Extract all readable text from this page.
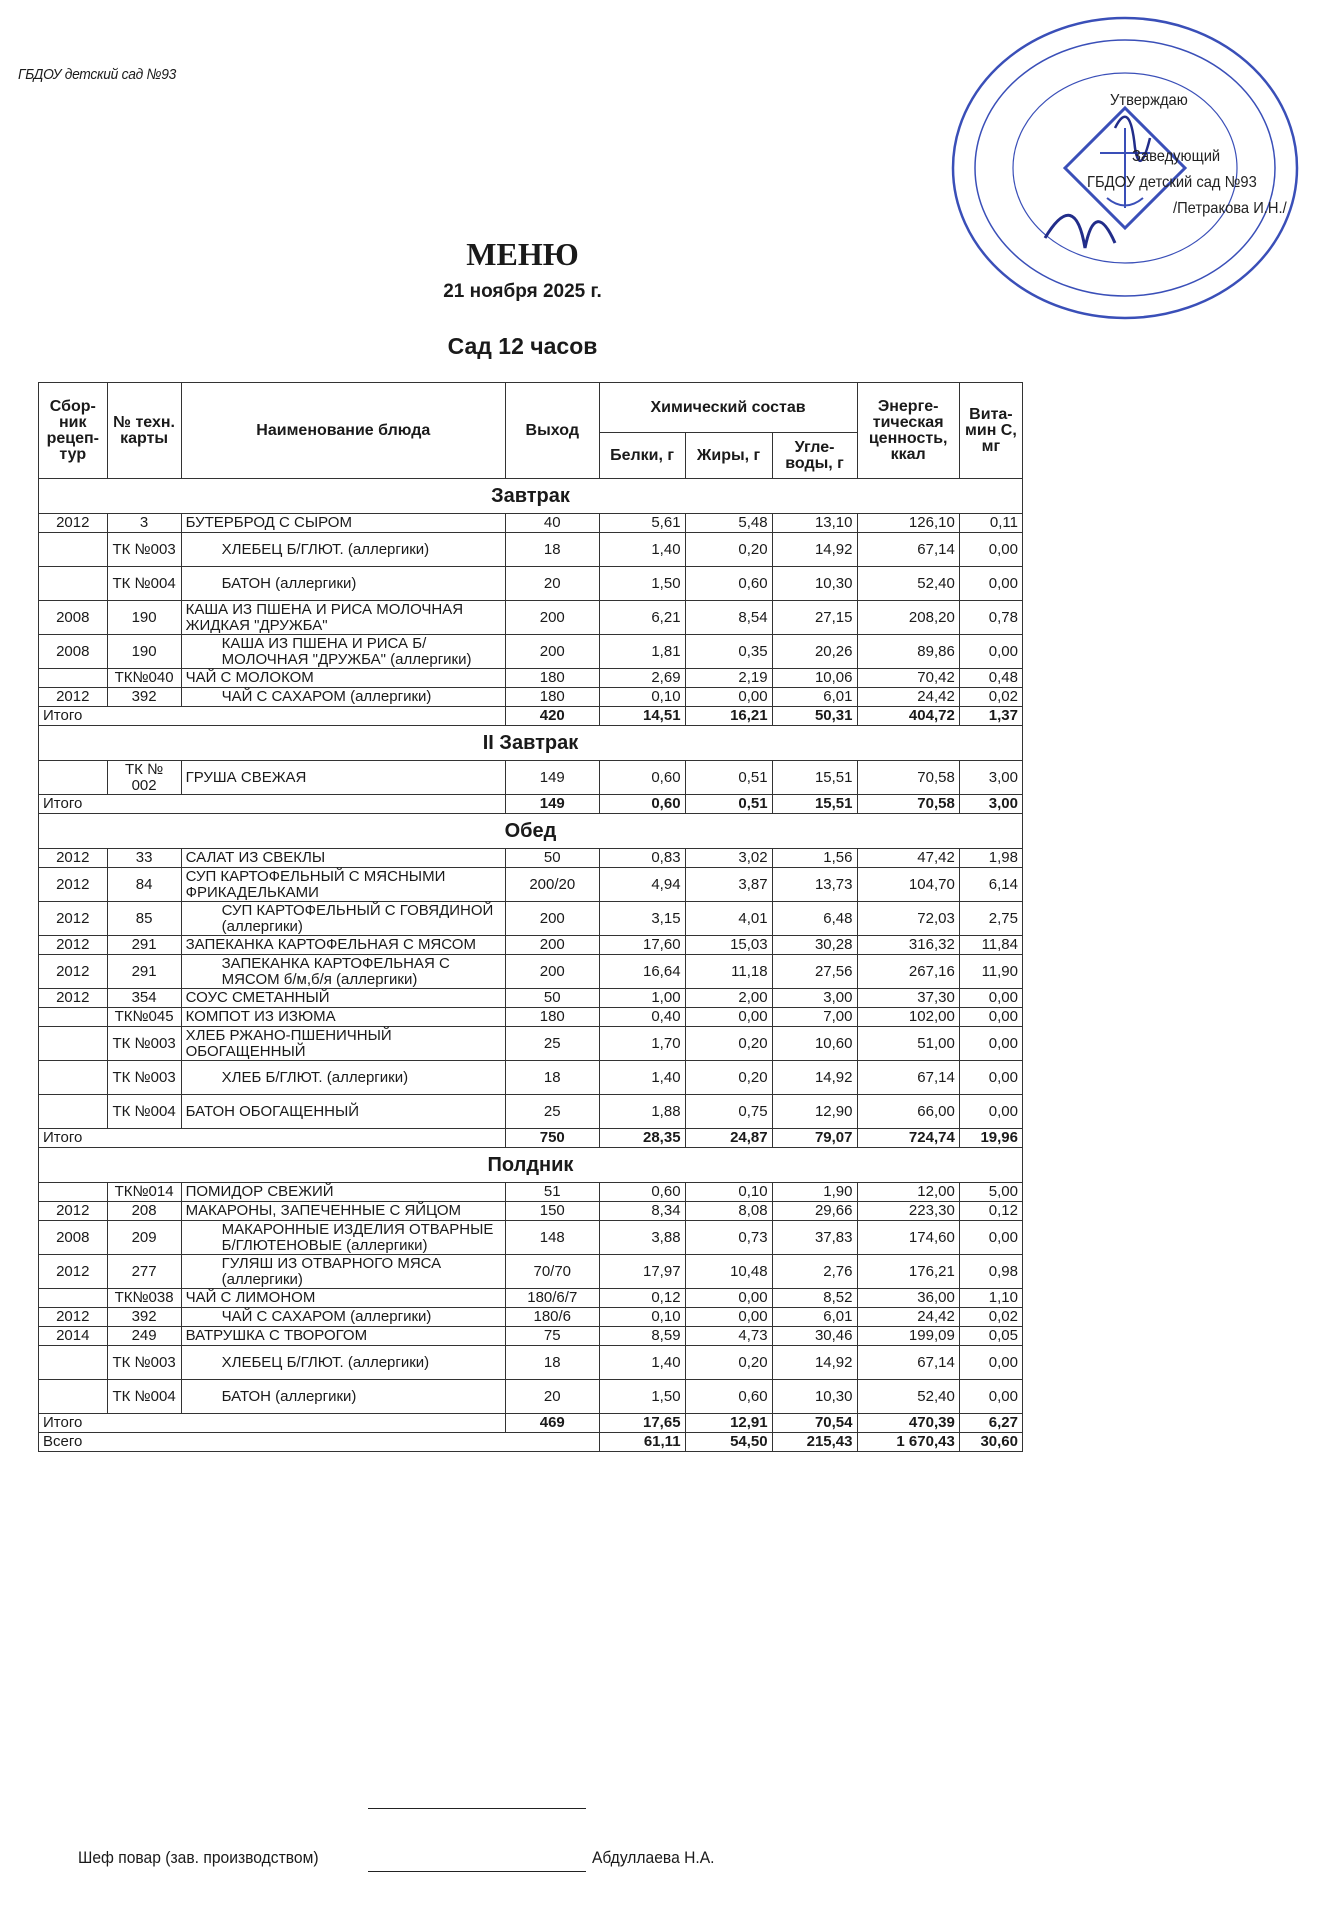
ГБДОУ детский сад №93
Утверждаю
Заведующий
ГБДОУ детский сад №93
/Петракова И.Н./
МЕНЮ
21 ноября 2025 г.
Сад 12 часов
Сбор-ник рецеп-тур	№ техн. карты	Наименование блюда	Выход	Химический состав			Энерге-тическая ценность, ккал	Вита-мин С, мг
				Белки, г	Жиры, г	Угле-воды, г		
Завтрак								
2012	3	БУТЕРБРОД С СЫРОМ	40	5,61	5,48	13,10	126,10	0,11
	ТК №003	ХЛЕБЕЦ Б/ГЛЮТ. (аллергики)	18	1,40	0,20	14,92	67,14	0,00
	ТК №004	БАТОН (аллергики)	20	1,50	0,60	10,30	52,40	0,00
2008	190	КАША ИЗ ПШЕНА И РИСА МОЛОЧНАЯ ЖИДКАЯ "ДРУЖБА"	200	6,21	8,54	27,15	208,20	0,78
2008	190	КАША ИЗ ПШЕНА И РИСА Б/МОЛОЧНАЯ "ДРУЖБА" (аллергики)	200	1,81	0,35	20,26	89,86	0,00
	ТК№040	ЧАЙ С МОЛОКОМ	180	2,69	2,19	10,06	70,42	0,48
2012	392	ЧАЙ С САХАРОМ (аллергики)	180	0,10	0,00	6,01	24,42	0,02
Итого			420	14,51	16,21	50,31	404,72	1,37
II Завтрак								
	ТК № 002	ГРУША СВЕЖАЯ	149	0,60	0,51	15,51	70,58	3,00
Итого			149	0,60	0,51	15,51	70,58	3,00
Обед								
2012	33	САЛАТ ИЗ СВЕКЛЫ	50	0,83	3,02	1,56	47,42	1,98
2012	84	СУП КАРТОФЕЛЬНЫЙ С МЯСНЫМИ ФРИКАДЕЛЬКАМИ	200/20	4,94	3,87	13,73	104,70	6,14
2012	85	СУП КАРТОФЕЛЬНЫЙ С ГОВЯДИНОЙ (аллергики)	200	3,15	4,01	6,48	72,03	2,75
2012	291	ЗАПЕКАНКА КАРТОФЕЛЬНАЯ С МЯСОМ	200	17,60	15,03	30,28	316,32	11,84
2012	291	ЗАПЕКАНКА КАРТОФЕЛЬНАЯ С МЯСОМ б/м,б/я (аллергики)	200	16,64	11,18	27,56	267,16	11,90
2012	354	СОУС СМЕТАННЫЙ	50	1,00	2,00	3,00	37,30	0,00
	ТК№045	КОМПОТ ИЗ ИЗЮМА	180	0,40	0,00	7,00	102,00	0,00
	ТК №003	ХЛЕБ РЖАНО-ПШЕНИЧНЫЙ ОБОГАЩЕННЫЙ	25	1,70	0,20	10,60	51,00	0,00
	ТК №003	ХЛЕБ Б/ГЛЮТ. (аллергики)	18	1,40	0,20	14,92	67,14	0,00
	ТК №004	БАТОН ОБОГАЩЕННЫЙ	25	1,88	0,75	12,90	66,00	0,00
Итого			750	28,35	24,87	79,07	724,74	19,96
Полдник								
	ТК№014	ПОМИДОР СВЕЖИЙ	51	0,60	0,10	1,90	12,00	5,00
2012	208	МАКАРОНЫ, ЗАПЕЧЕННЫЕ С ЯЙЦОМ	150	8,34	8,08	29,66	223,30	0,12
2008	209	МАКАРОННЫЕ ИЗДЕЛИЯ ОТВАРНЫЕ Б/ГЛЮТЕНОВЫЕ (аллергики)	148	3,88	0,73	37,83	174,60	0,00
2012	277	ГУЛЯШ ИЗ ОТВАРНОГО МЯСА (аллергики)	70/70	17,97	10,48	2,76	176,21	0,98
	ТК№038	ЧАЙ С ЛИМОНОМ	180/6/7	0,12	0,00	8,52	36,00	1,10
2012	392	ЧАЙ С САХАРОМ (аллергики)	180/6	0,10	0,00	6,01	24,42	0,02
2014	249	ВАТРУШКА С ТВОРОГОМ	75	8,59	4,73	30,46	199,09	0,05
	ТК №003	ХЛЕБЕЦ Б/ГЛЮТ. (аллергики)	18	1,40	0,20	14,92	67,14	0,00
	ТК №004	БАТОН (аллергики)	20	1,50	0,60	10,30	52,40	0,00
Итого			469	17,65	12,91	70,54	470,39	6,27
Всего				61,11	54,50	215,43	1 670,43	30,60
Шеф повар (зав. производством)	Абдуллаева Н.А.
